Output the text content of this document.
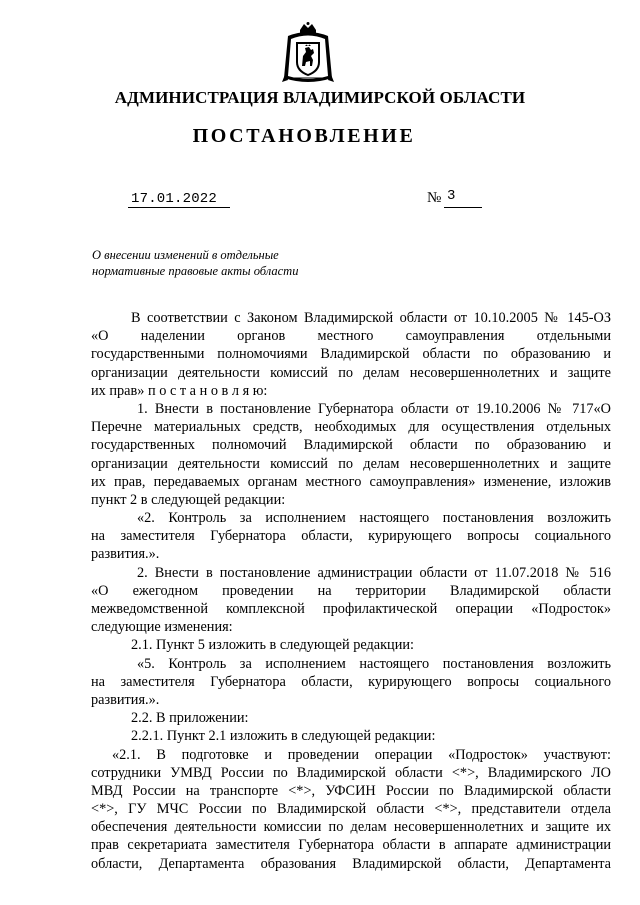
АДМИНИСТРАЦИЯ ВЛАДИМИРСКОЙ ОБЛАСТИ
ПОСТАНОВЛЕНИЕ
17.01.2022	№ 3
О внесении изменений в отдельные
нормативные правовые акты области
В соответствии с Законом Владимирской области от 10.10.2005 № 145-ОЗ
«О наделении органов местного самоуправления отдельными
государственными полномочиями Владимирской области по образованию и
организации деятельности комиссий по делам несовершеннолетних и защите
их прав» п о с т а н о в л я ю:
1. Внести в постановление Губернатора области от 19.10.2006 № 717«О
Перечне материальных средств, необходимых для осуществления отдельных
государственных полномочий Владимирской области по образованию и
организации деятельности комиссий по делам несовершеннолетних и защите
их прав, передаваемых органам местного самоуправления» изменение, изложив
пункт 2 в следующей редакции:
«2. Контроль за исполнением настоящего постановления возложить
на заместителя Губернатора области, курирующего вопросы социального
развития.».
2. Внести в постановление администрации области от 11.07.2018 № 516
«О ежегодном проведении на территории Владимирской области
межведомственной комплексной профилактической операции «Подросток»
следующие изменения:
2.1. Пункт 5 изложить в следующей редакции:
«5. Контроль за исполнением настоящего постановления возложить
на заместителя Губернатора области, курирующего вопросы социального
развития.».
2.2. В приложении:
2.2.1. Пункт 2.1 изложить в следующей редакции:
«2.1. В подготовке и проведении операции «Подросток» участвуют:
сотрудники УМВД России по Владимирской области <*>, Владимирского ЛО
МВД России на транспорте <*>, УФСИН России по Владимирской области
<*>, ГУ МЧС России по Владимирской области <*>, представители отдела
обеспечения деятельности комиссии по делам несовершеннолетних и защите их
прав секретариата заместителя Губернатора области в аппарате администрации
области, Департамента образования Владимирской области, Департамента
